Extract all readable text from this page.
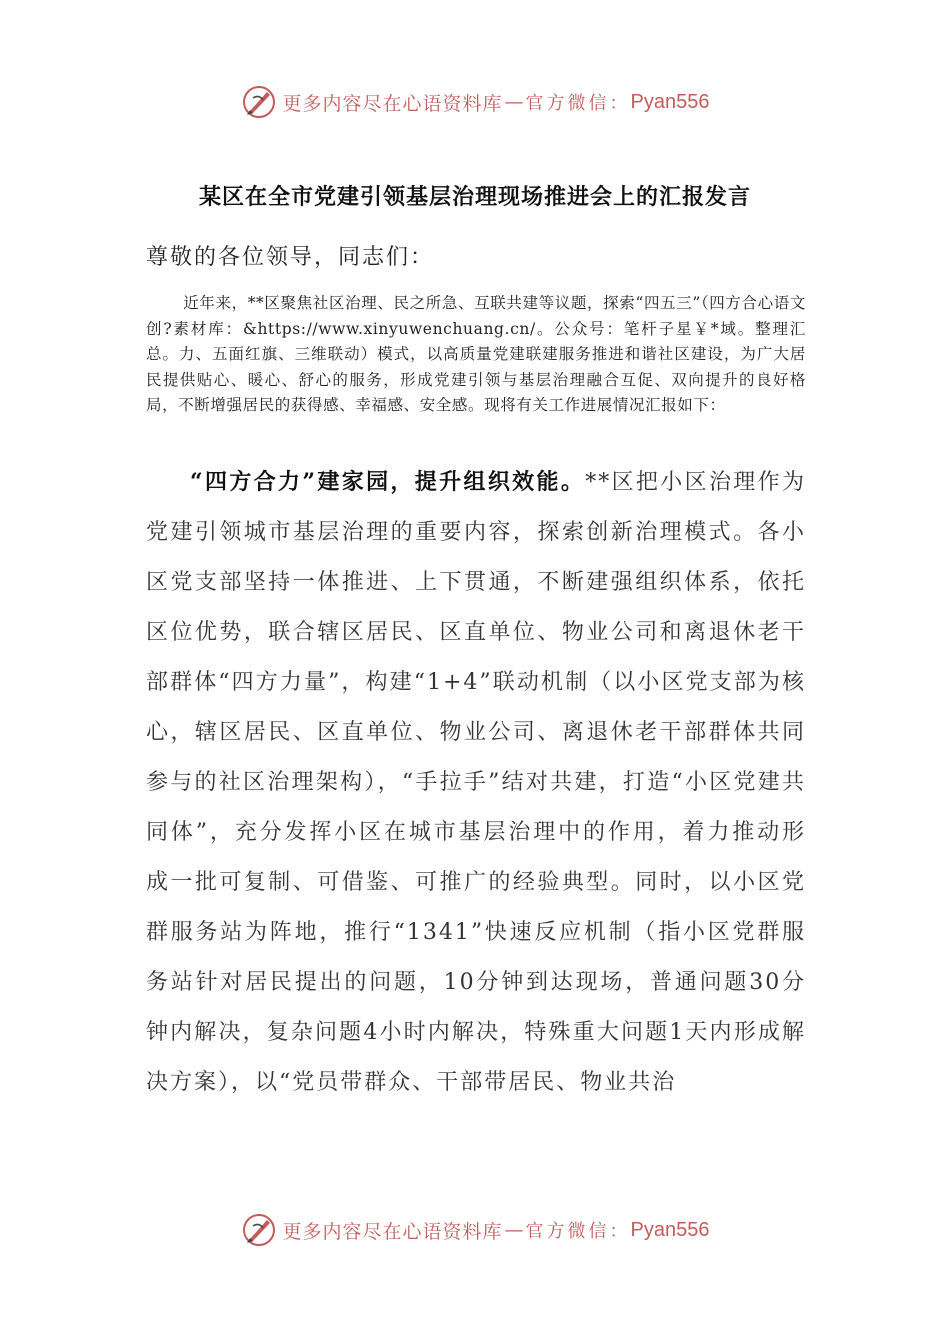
更多内容尽在心语资料库 — 官方微信： Pyan556
某区在全市党建引领基层治理现场推进会上的汇报发言
尊敬的各位领导，同志们：
近年来，**区聚焦社区治理、民之所急、互联共建等议题，探索“四五三”（四方合心语文创?素材库：&https://www.xinyuwenchuang.cn/。公众号：笔杆子星￥*域。整理汇总。力、五面红旗、三维联动）模式，以高质量党建联建服务推进和谐社区建设，为广大居民提供贴心、暖心、舒心的服务，形成党建引领与基层治理融合互促、双向提升的良好格局，不断增强居民的获得感、幸福感、安全感。现将有关工作进展情况汇报如下：
“四方合力”建家园，提升组织效能。**区把小区治理作为党建引领城市基层治理的重要内容，探索创新治理模式。各小区党支部坚持一体推进、上下贯通，不断建强组织体系，依托区位优势，联合辖区居民、区直单位、物业公司和离退休老干部群体“四方力量”，构建“1+4”联动机制（以小区党支部为核心，辖区居民、区直单位、物业公司、离退休老干部群体共同参与的社区治理架构），“手拉手”结对共建，打造“小区党建共同体”，充分发挥小区在城市基层治理中的作用，着力推动形成一批可复制、可借鉴、可推广的经验典型。同时，以小区党群服务站为阵地，推行“1341”快速反应机制（指小区党群服务站针对居民提出的问题，10分钟到达现场，普通问题30分钟内解决，复杂问题4小时内解决，特殊重大问题1天内形成解决方案），以“党员带群众、干部带居民、物业共治
更多内容尽在心语资料库 — 官方微信： Pyan556
